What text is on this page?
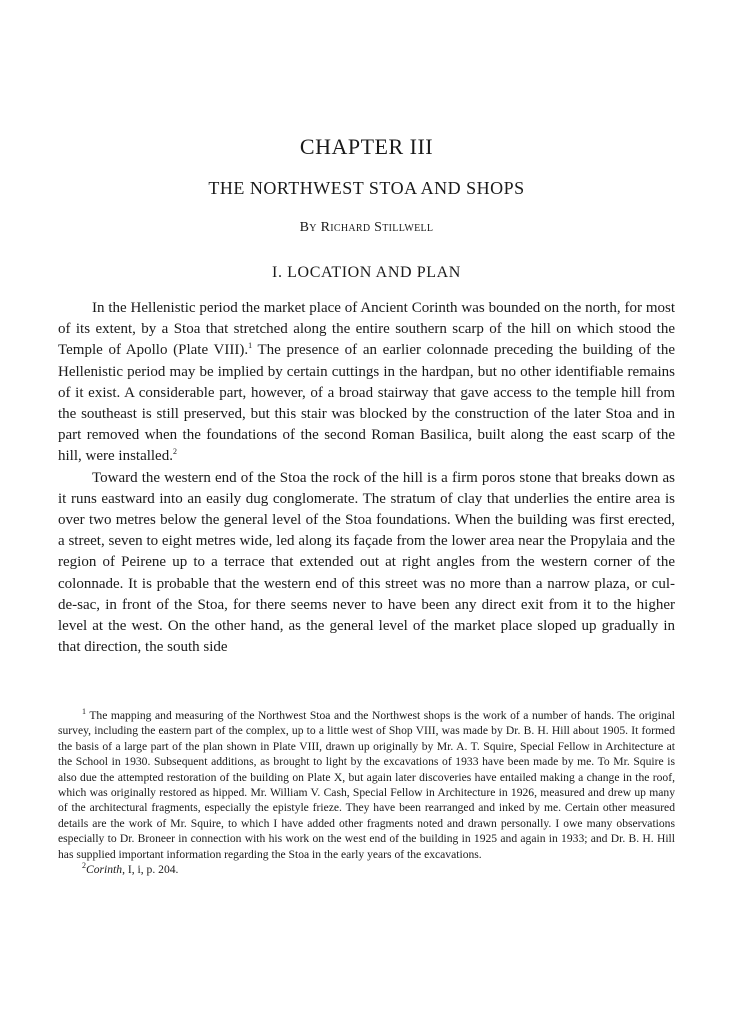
CHAPTER III
THE NORTHWEST STOA AND SHOPS
By Richard Stillwell
I. LOCATION AND PLAN

In the Hellenistic period the market place of Ancient Corinth was bounded on the north, for most of its extent, by a Stoa that stretched along the entire southern scarp of the hill on which stood the Temple of Apollo (Plate VIII).$^1$ The presence of an earlier colonnade preceding the building of the Hellenistic period may be implied by certain cuttings in the hardpan, but no other identifiable remains of it exist. A considerable part, however, of a broad stairway that gave access to the temple hill from the southeast is still preserved, but this stair was blocked by the construction of the later Stoa and in part removed when the foundations of the second Roman Basilica, built along the east scarp of the hill, were installed.$^2$

Toward the western end of the Stoa the rock of the hill is a firm poros stone that breaks down as it runs eastward into an easily dug conglomerate. The stratum of clay that underlies the entire area is over two metres below the general level of the Stoa foundations. When the building was first erected, a street, seven to eight metres wide, led along its façade from the lower area near the Propylaia and the region of Peirene up to a terrace that extended out at right angles from the western corner of the colonnade. It is probable that the western end of this street was no more than a narrow plaza, or cul-de-sac, in front of the Stoa, for there seems never to have been any direct exit from it to the higher level at the west. On the other hand, as the general level of the market place sloped up gradually in that direction, the south side

$^1$ The mapping and measuring of the Northwest Stoa and the Northwest shops is the work of a number of hands. The original survey, including the eastern part of the complex, up to a little west of Shop VIII, was made by Dr. B. H. Hill about 1905. It formed the basis of a large part of the plan shown in Plate VIII, drawn up originally by Mr. A. T. Squire, Special Fellow in Architecture at the School in 1930. Subsequent additions, as brought to light by the excavations of 1933 have been made by me. To Mr. Squire is also due the attempted restoration of the building on Plate X, but again later discoveries have entailed making a change in the roof, which was originally restored as hipped. Mr. William V. Cash, Special Fellow in Architecture in 1926, measured and drew up many of the architectural fragments, especially the epistyle frieze. They have been rearranged and inked by me. Certain other measured details are the work of Mr. Squire, to which I have added other fragments noted and drawn personally. I owe many observations especially to Dr. Broneer in connection with his work on the west end of the building in 1925 and again in 1933; and Dr. B. H. Hill has supplied important information regarding the Stoa in the early years of the excavations.

$^2$Corinth, I, i, p. 204.
